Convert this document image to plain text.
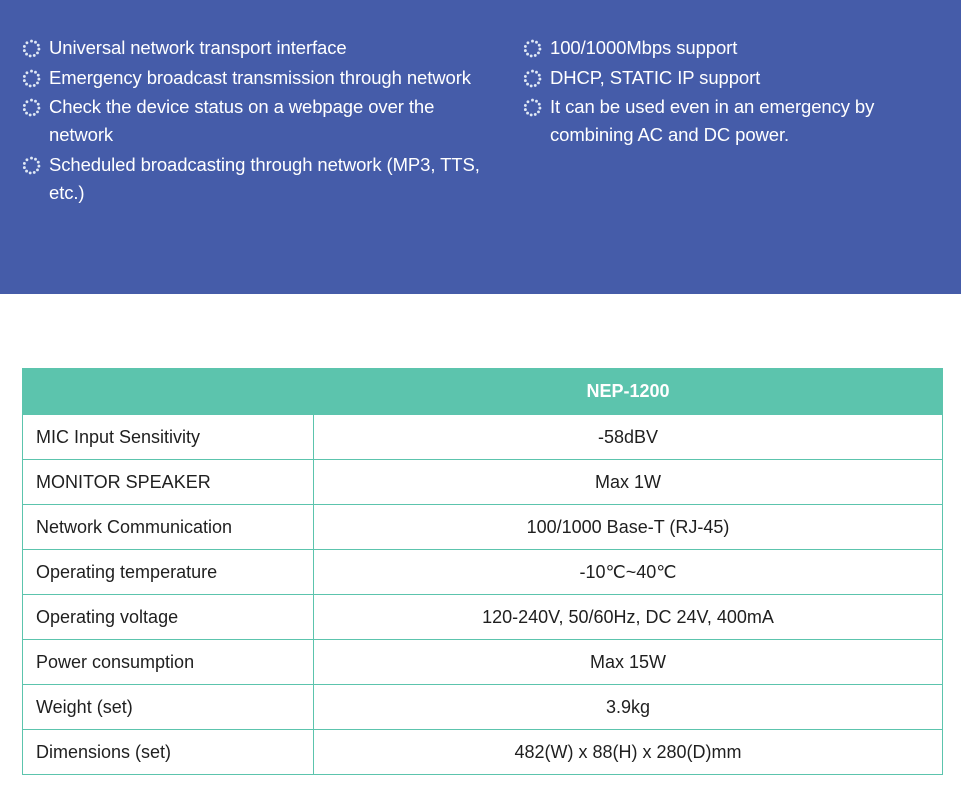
Universal network transport interface
Emergency broadcast transmission through network
Check the device status on a webpage over the network
Scheduled broadcasting through network (MP3, TTS, etc.)
100/1000Mbps support
DHCP, STATIC IP support
It can be used even in an emergency by combining AC and DC power.
	NEP-1200
MIC Input Sensitivity	-58dBV
MONITOR SPEAKER	Max 1W
Network Communication	100/1000 Base-T (RJ-45)
Operating temperature	-10℃~40℃
Operating voltage	120-240V, 50/60Hz, DC 24V, 400mA
Power consumption	Max 15W
Weight (set)	3.9kg
Dimensions (set)	482(W) x 88(H) x 280(D)mm
